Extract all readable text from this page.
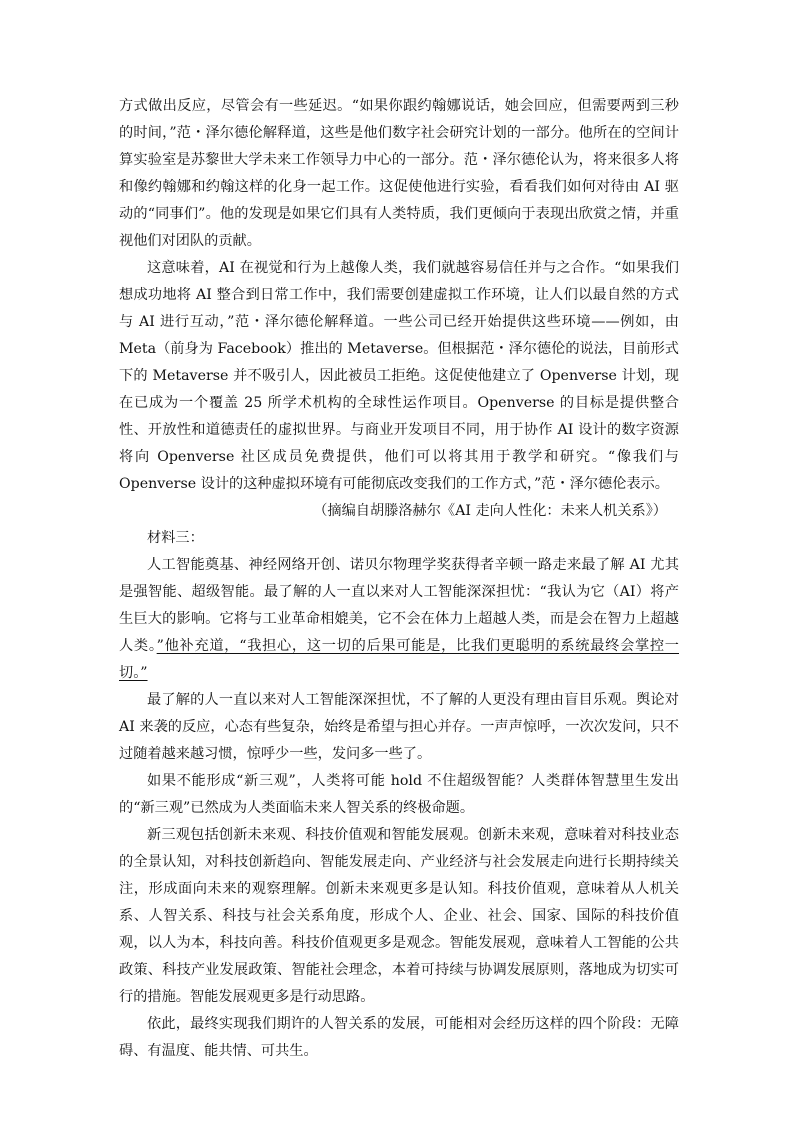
方式做出反应，尽管会有一些延迟。“如果你跟约翰娜说话，她会回应，但需要两到三秒的时间，”范・泽尔德伦解释道，这些是他们数字社会研究计划的一部分。他所在的空间计算实验室是苏黎世大学未来工作领导力中心的一部分。范・泽尔德伦认为，将来很多人将和像约翰娜和约翰这样的化身一起工作。这促使他进行实验，看看我们如何对待由 AI 驱动的“同事们”。他的发现是如果它们具有人类特质，我们更倾向于表现出欣赏之情，并重视他们对团队的贡献。

这意味着，AI 在视觉和行为上越像人类，我们就越容易信任并与之合作。“如果我们想成功地将 AI 整合到日常工作中，我们需要创建虚拟工作环境，让人们以最自然的方式与 AI 进行互动，”范・泽尔德伦解释道。一些公司已经开始提供这些环境——例如，由 Meta（前身为 Facebook）推出的 Metaverse。但根据范・泽尔德伦的说法，目前形式下的 Metaverse 并不吸引人，因此被员工拒绝。这促使他建立了 Openverse 计划，现在已成为一个覆盖 25 所学术机构的全球性运作项目。Openverse 的目标是提供整合性、开放性和道德责任的虚拟世界。与商业开发项目不同，用于协作 AI 设计的数字资源将向 Openverse 社区成员免费提供，他们可以将其用于教学和研究。“像我们与 Openverse 设计的这种虚拟环境有可能彻底改变我们的工作方式，”范・泽尔德伦表示。

（摘编自胡滕洛赫尔《AI 走向人性化：未来人机关系》）

材料三：

人工智能奠基、神经网络开创、诺贝尔物理学奖获得者辛顿一路走来最了解 AI 尤其是强智能、超级智能。最了解的人一直以来对人工智能深深担忧：“我认为它（AI）将产生巨大的影响。它将与工业革命相媲美，它不会在体力上超越人类，而是会在智力上超越人类。”他补充道，“我担心，这一切的后果可能是，比我们更聪明的系统最终会掌控一切。”

最了解的人一直以来对人工智能深深担忧，不了解的人更没有理由盲目乐观。舆论对 AI 来袭的反应，心态有些复杂，始终是希望与担心并存。一声声惊呼，一次次发问，只不过随着越来越习惯，惊呼少一些，发问多一些了。

如果不能形成“新三观”，人类将可能 hold 不住超级智能？人类群体智慧里生发出的“新三观”已然成为人类面临未来人智关系的终极命题。

新三观包括创新未来观、科技价值观和智能发展观。创新未来观，意味着对科技业态的全景认知，对科技创新趋向、智能发展走向、产业经济与社会发展走向进行长期持续关注，形成面向未来的观察理解。创新未来观更多是认知。科技价值观，意味着从人机关系、人智关系、科技与社会关系角度，形成个人、企业、社会、国家、国际的科技价值观，以人为本，科技向善。科技价值观更多是观念。智能发展观，意味着人工智能的公共政策、科技产业发展政策、智能社会理念，本着可持续与协调发展原则，落地成为切实可行的措施。智能发展观更多是行动思路。

依此，最终实现我们期许的人智关系的发展，可能相对会经历这样的四个阶段：无障碍、有温度、能共情、可共生。
